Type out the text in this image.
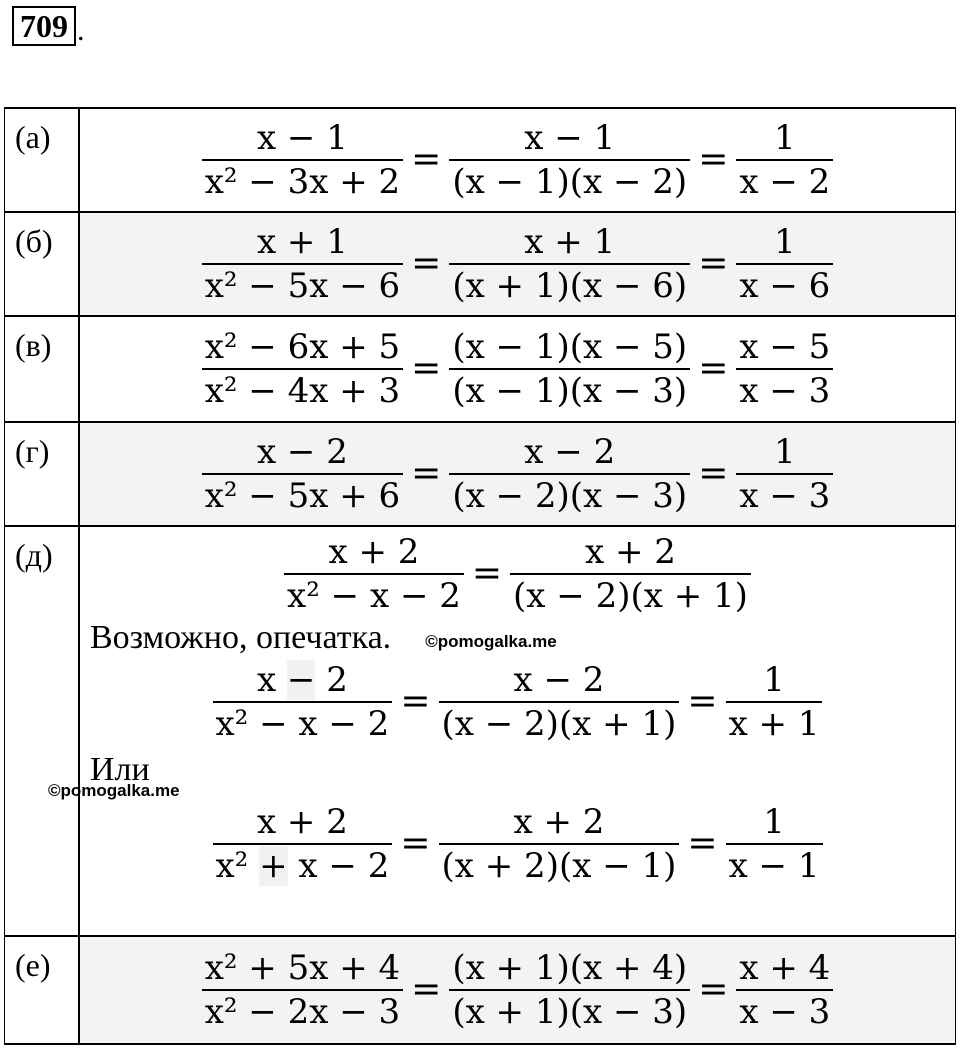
709 .
(а)	$\frac{x - 1}{\text{x² − 3x + 2}} = \frac{x - 1}{(x - 1)(x - 2)} = \frac{1}{x - 2}$
(б)	$\frac{x + 1}{\text{x² − 5x − 6}} = \frac{x + 1}{(x + 1)(x - 6)} = \frac{1}{x - 6}$
(в)	$\frac{\text{x² − 6x + 5}}{\text{x² − 4x + 3}} = \frac{(x - 1)(x - 5)}{(x - 1)(x - 3)} = \frac{x - 5}{x - 3}$
(г)	$\frac{x - 2}{\text{x² − 5x + 6}} = \frac{x - 2}{(x - 2)(x - 3)} = \frac{1}{x - 3}$
(д)	$\frac{x + 2}{\text{x² − x − 2}} = \frac{x + 2}{(x - 2)(x + 1)}$
Возможно, опечатка. ©pomogalka.me
$\frac{x - 2}{\text{x² − x − 2}} = \frac{x - 2}{(x - 2)(x + 1)} = \frac{1}{x + 1}$
Или
©pomogalka.me
$\frac{x + 2}{\text{x² + x − 2}} = \frac{x + 2}{(x + 2)(x - 1)} = \frac{1}{x - 1}$
(е)	$\frac{\text{x² + 5x + 4}}{\text{x² − 2x − 3}} = \frac{(x + 1)(x + 4)}{(x + 1)(x - 3)} = \frac{x + 4}{x - 3}$
